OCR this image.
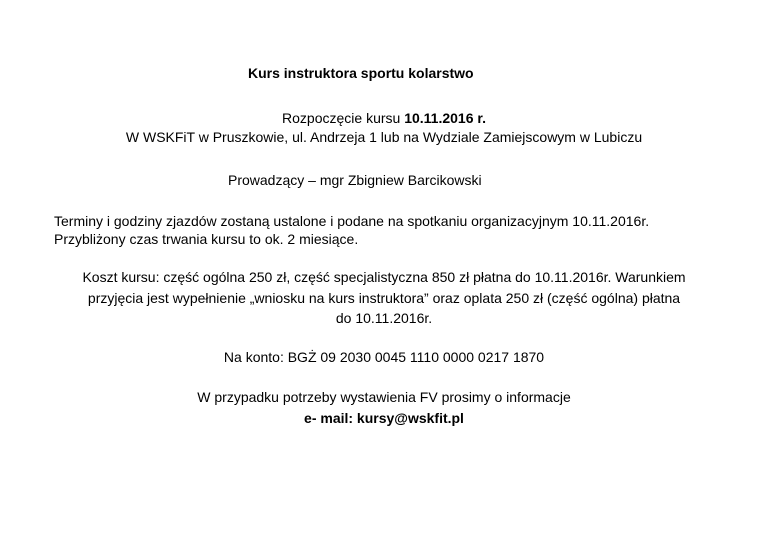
Kurs instruktora sportu kolarstwo
Rozpoczęcie kursu 10.11.2016 r.
W WSKFiT w Pruszkowie, ul. Andrzeja 1 lub na Wydziale Zamiejscowym w Lubiczu
Prowadzący – mgr Zbigniew Barcikowski
Terminy i godziny zjazdów zostaną ustalone i podane na spotkaniu organizacyjnym 10.11.2016r.
Przybliżony czas trwania kursu to ok. 2 miesiące.
Koszt kursu: część ogólna 250 zł, część specjalistyczna 850 zł płatna do 10.11.2016r. Warunkiem
przyjęcia jest wypełnienie „wniosku na kurs instruktora” oraz oplata 250 zł (część ogólna) płatna
do 10.11.2016r.
Na konto: BGŻ 09 2030 0045 1110 0000 0217 1870
W przypadku potrzeby wystawienia FV prosimy o informacje
e- mail: kursy@wskfit.pl
